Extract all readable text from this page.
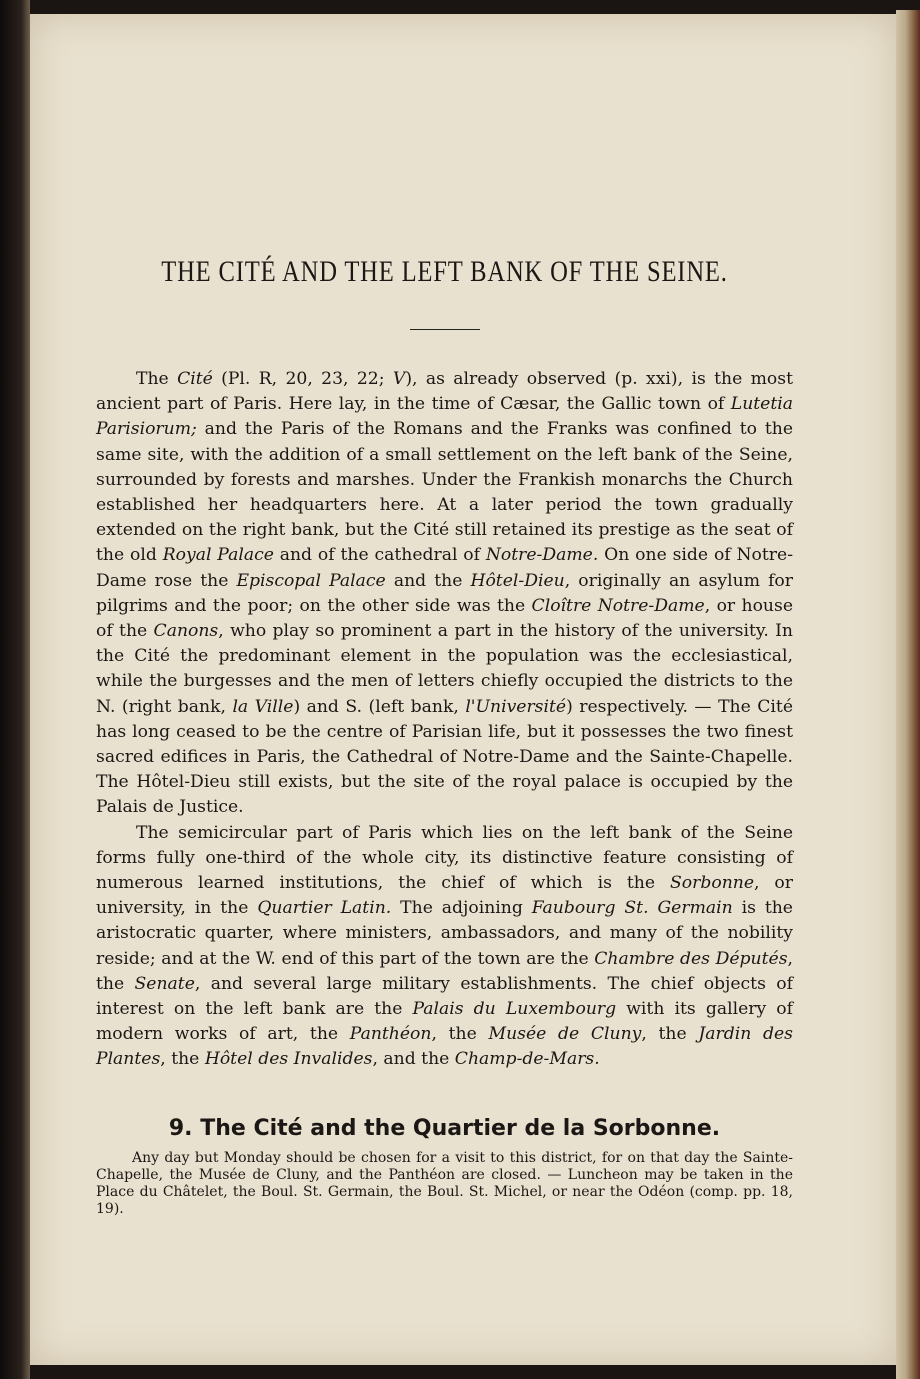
THE CITÉ AND THE LEFT BANK OF THE SEINE.

The Cité (Pl. R, 20, 23, 22; V), as already observed (p. xxi), is the most ancient part of Paris. Here lay, in the time of Cæsar, the Gallic town of Lutetia Parisiorum; and the Paris of the Romans and the Franks was confined to the same site, with the addition of a small settlement on the left bank of the Seine, surrounded by forests and marshes. Under the Frankish monarchs the Church established her headquarters here. At a later period the town gradually extended on the right bank, but the Cité still retained its prestige as the seat of the old Royal Palace and of the cathedral of Notre-Dame. On one side of Notre-Dame rose the Episcopal Palace and the Hôtel-Dieu, originally an asylum for pilgrims and the poor; on the other side was the Cloître Notre-Dame, or house of the Canons, who play so prominent a part in the history of the university. In the Cité the predominant element in the population was the ecclesiastical, while the burgesses and the men of letters chiefly occupied the districts to the N. (right bank, la Ville) and S. (left bank, l'Université) respectively. — The Cité has long ceased to be the centre of Parisian life, but it possesses the two finest sacred edifices in Paris, the Cathedral of Notre-Dame and the Sainte-Chapelle. The Hôtel-Dieu still exists, but the site of the royal palace is occupied by the Palais de Justice.

The semicircular part of Paris which lies on the left bank of the Seine forms fully one-third of the whole city, its distinctive feature consisting of numerous learned institutions, the chief of which is the Sorbonne, or university, in the Quartier Latin. The adjoining Faubourg St. Germain is the aristocratic quarter, where ministers, ambassadors, and many of the nobility reside; and at the W. end of this part of the town are the Chambre des Députés, the Senate, and several large military establishments. The chief objects of interest on the left bank are the Palais du Luxembourg with its gallery of modern works of art, the Panthéon, the Musée de Cluny, the Jardin des Plantes, the Hôtel des Invalides, and the Champ-de-Mars.

9. The Cité and the Quartier de la Sorbonne.

Any day but Monday should be chosen for a visit to this district, for on that day the Sainte-Chapelle, the Musée de Cluny, and the Panthéon are closed. — Luncheon may be taken in the Place du Châtelet, the Boul. St. Germain, the Boul. St. Michel, or near the Odéon (comp. pp. 18, 19).
